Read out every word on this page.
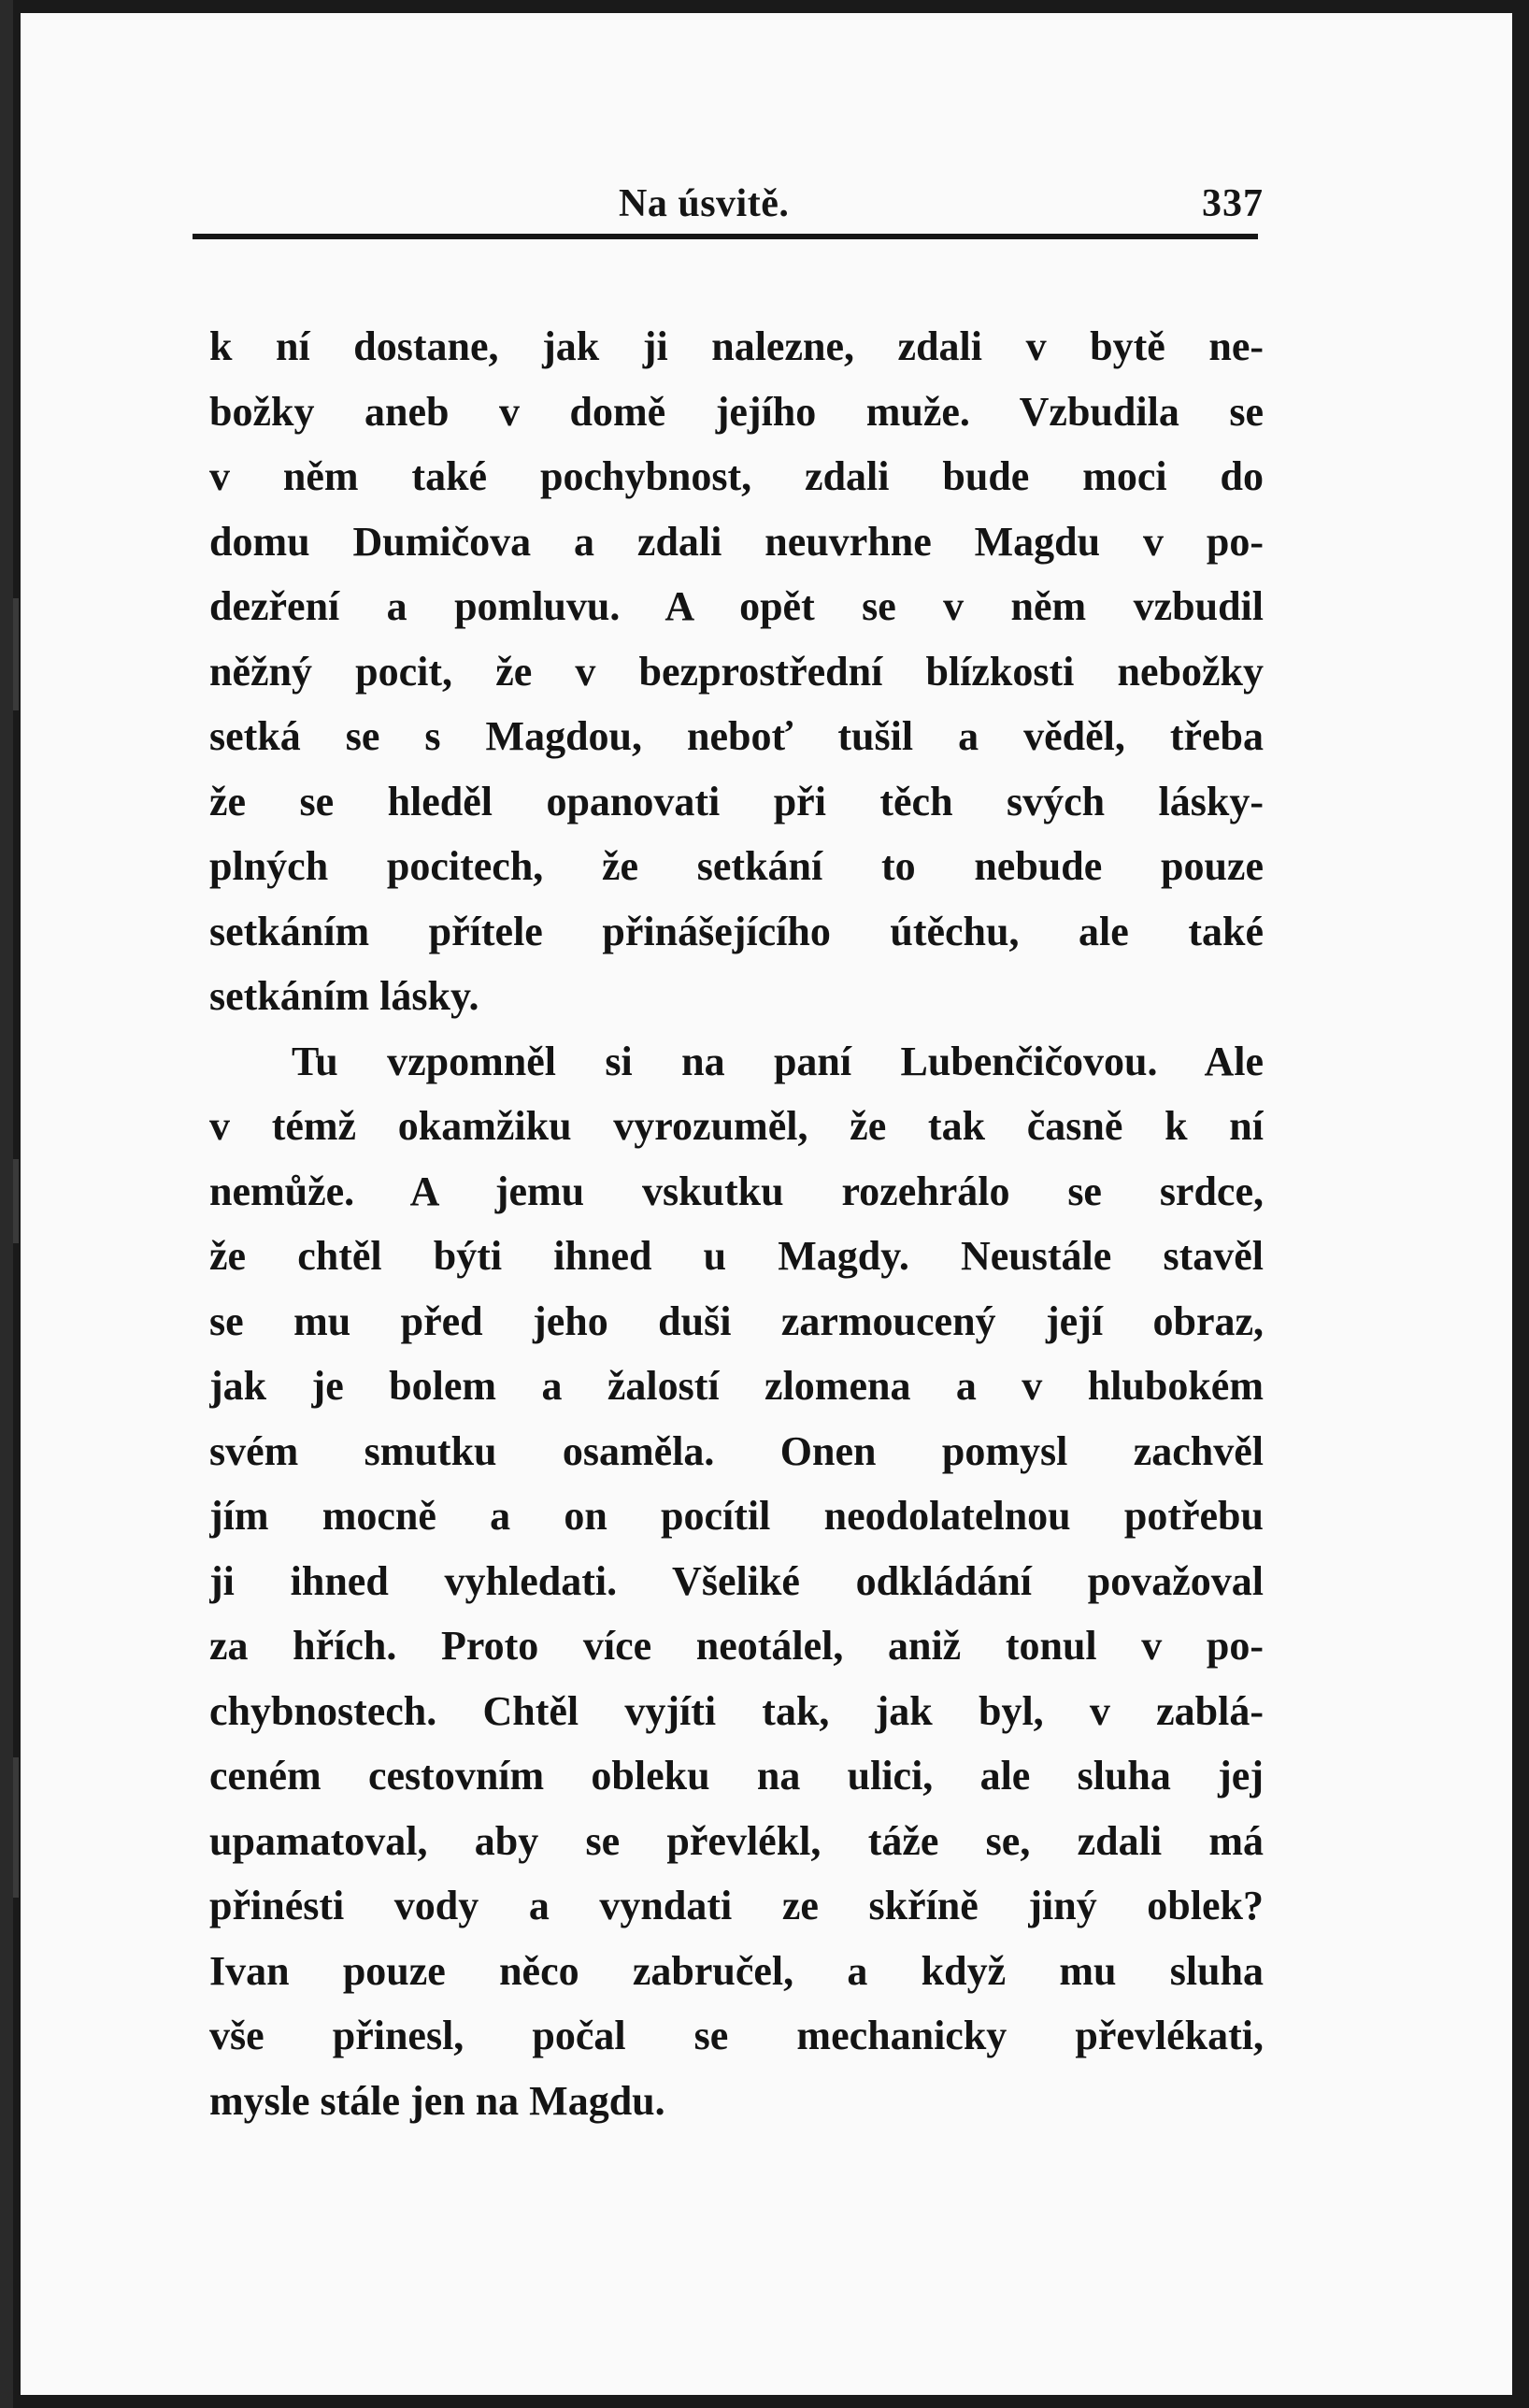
Na úsvitě.	337
k ní dostane, jak ji nalezne, zdali v bytě ne-
božky aneb v domě jejího muže. Vzbudila se
v něm také pochybnost, zdali bude moci do
domu Dumičova a zdali neuvrhne Magdu v po-
dezření a pomluvu. A opět se v něm vzbudil
něžný pocit, že v bezprostřední blízkosti nebožky
setká se s Magdou, neboť tušil a věděl, třeba
že se hleděl opanovati při těch svých lásky-
plných pocitech, že setkání to nebude pouze
setkáním přítele přinášejícího útěchu, ale také
setkáním lásky.
Tu vzpomněl si na paní Lubenčičovou. Ale
v témž okamžiku vyrozuměl, že tak časně k ní
nemůže. A jemu vskutku rozehrálo se srdce,
že chtěl býti ihned u Magdy. Neustále stavěl
se mu před jeho duši zarmoucený její obraz,
jak je bolem a žalostí zlomena a v hlubokém
svém smutku osaměla. Onen pomysl zachvěl
jím mocně a on pocítil neodolatelnou potřebu
ji ihned vyhledati. Všeliké odkládání považoval
za hřích. Proto více neotálel, aniž tonul v po-
chybnostech. Chtěl vyjíti tak, jak byl, v zablá-
ceném cestovním obleku na ulici, ale sluha jej
upamatoval, aby se převlékl, táže se, zdali má
přinésti vody a vyndati ze skříně jiný oblek?
Ivan pouze něco zabručel, a když mu sluha
vše přinesl, počal se mechanicky převlékati,
mysle stále jen na Magdu.
